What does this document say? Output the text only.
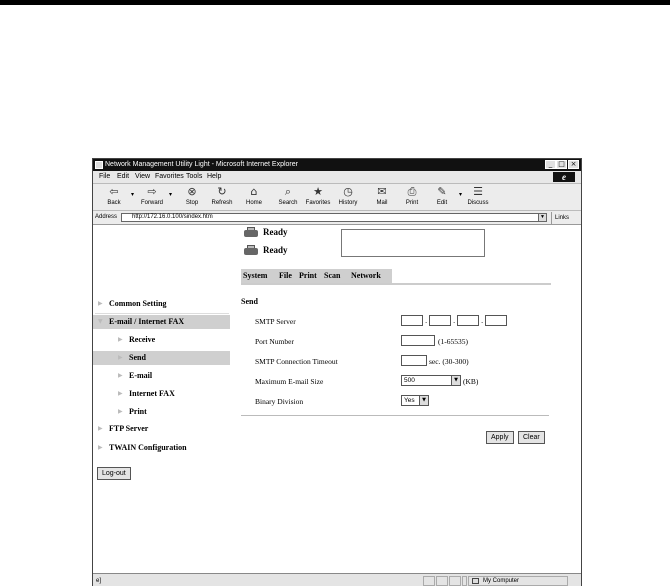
Network Management Utility Light - Microsoft Internet Explorer	_ □ ×
File Edit View Favorites Tools Help	e
⇦
Back
▾	⇨
Forward
▾	⊗
Stop
↻
Refresh
⌂
Home
⌕
Search
★
Favorites
◷
History
✉
Mail
⎙
Print
✎
Edit
▾	☰
Discuss
Address	http://172.16.0.100/sindex.htm	▼	Links
▶ Common Setting
▼ E-mail / Internet FAX
▶ Receive
▶ Send
▶ E-mail
▶ Internet FAX
▶ Print
▶ FTP Server
▶ TWAIN Configuration
Log-out
Ready
Ready
System File Print Scan Network
Send
SMTP Server	.	.	.
Port Number	(1-65535)
SMTP Connection Timeout	sec. (30-300)
Maximum E-mail Size	500	▼ (KB)
Binary Division	Yes	▼
Apply	Clear
e]	My Computer
